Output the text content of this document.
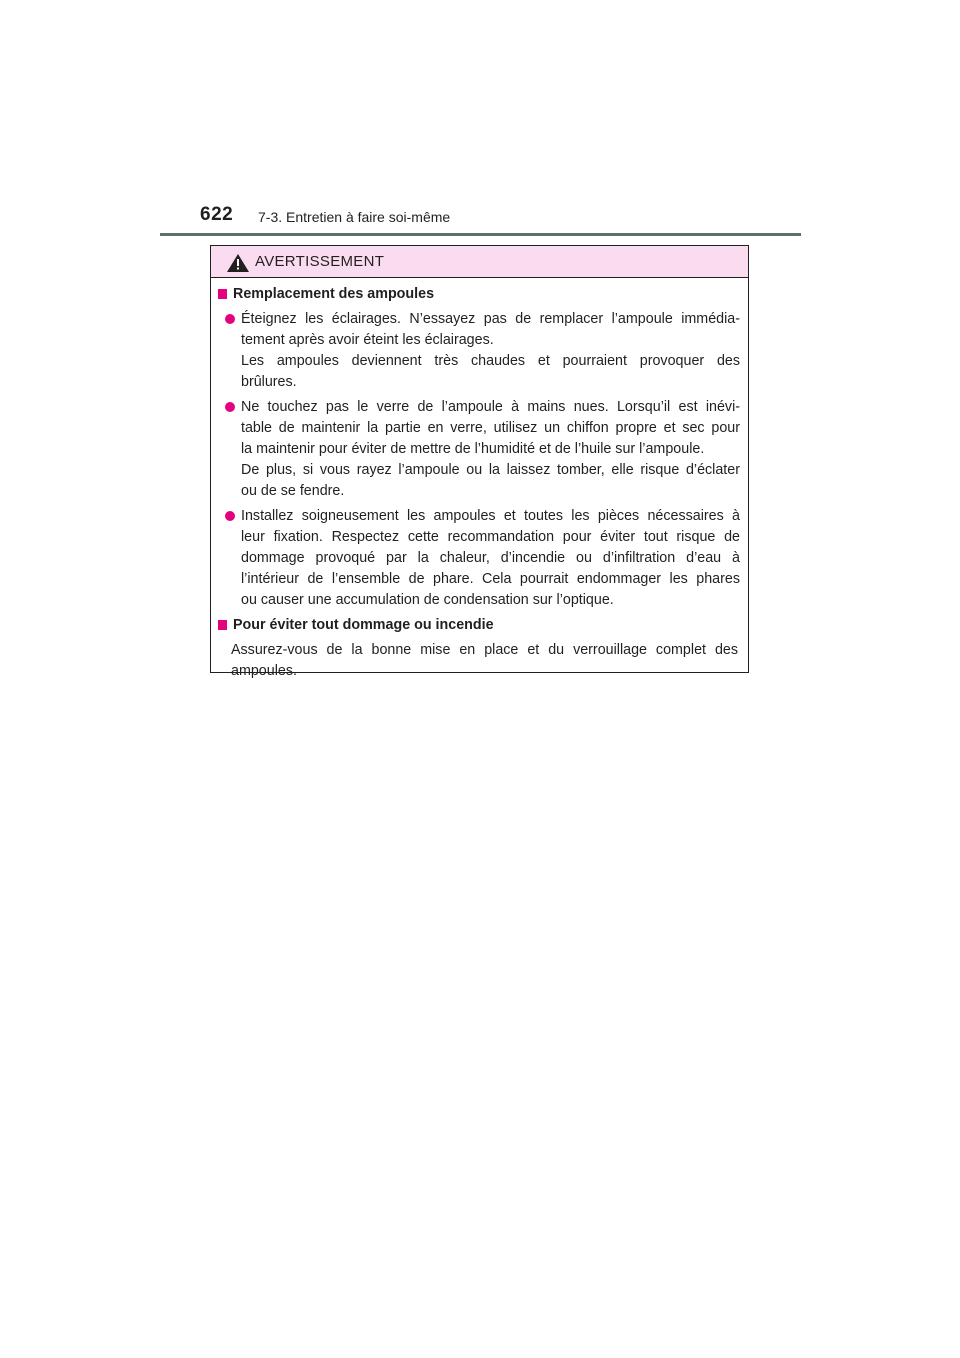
622 7-3. Entretien à faire soi-même
AVERTISSEMENT
Remplacement des ampoules
Éteignez les éclairages. N’essayez pas de remplacer l’ampoule immédia-
tement après avoir éteint les éclairages.
Les ampoules deviennent très chaudes et pourraient provoquer des
brûlures.
Ne touchez pas le verre de l’ampoule à mains nues. Lorsqu’il est inévi-
table de maintenir la partie en verre, utilisez un chiffon propre et sec pour
la maintenir pour éviter de mettre de l’humidité et de l’huile sur l’ampoule.
De plus, si vous rayez l’ampoule ou la laissez tomber, elle risque d’éclater
ou de se fendre.
Installez soigneusement les ampoules et toutes les pièces nécessaires à
leur fixation. Respectez cette recommandation pour éviter tout risque de
dommage provoqué par la chaleur, d’incendie ou d’infiltration d’eau à
l’intérieur de l’ensemble de phare. Cela pourrait endommager les phares
ou causer une accumulation de condensation sur l’optique.
Pour éviter tout dommage ou incendie
Assurez-vous de la bonne mise en place et du verrouillage complet des
ampoules.
